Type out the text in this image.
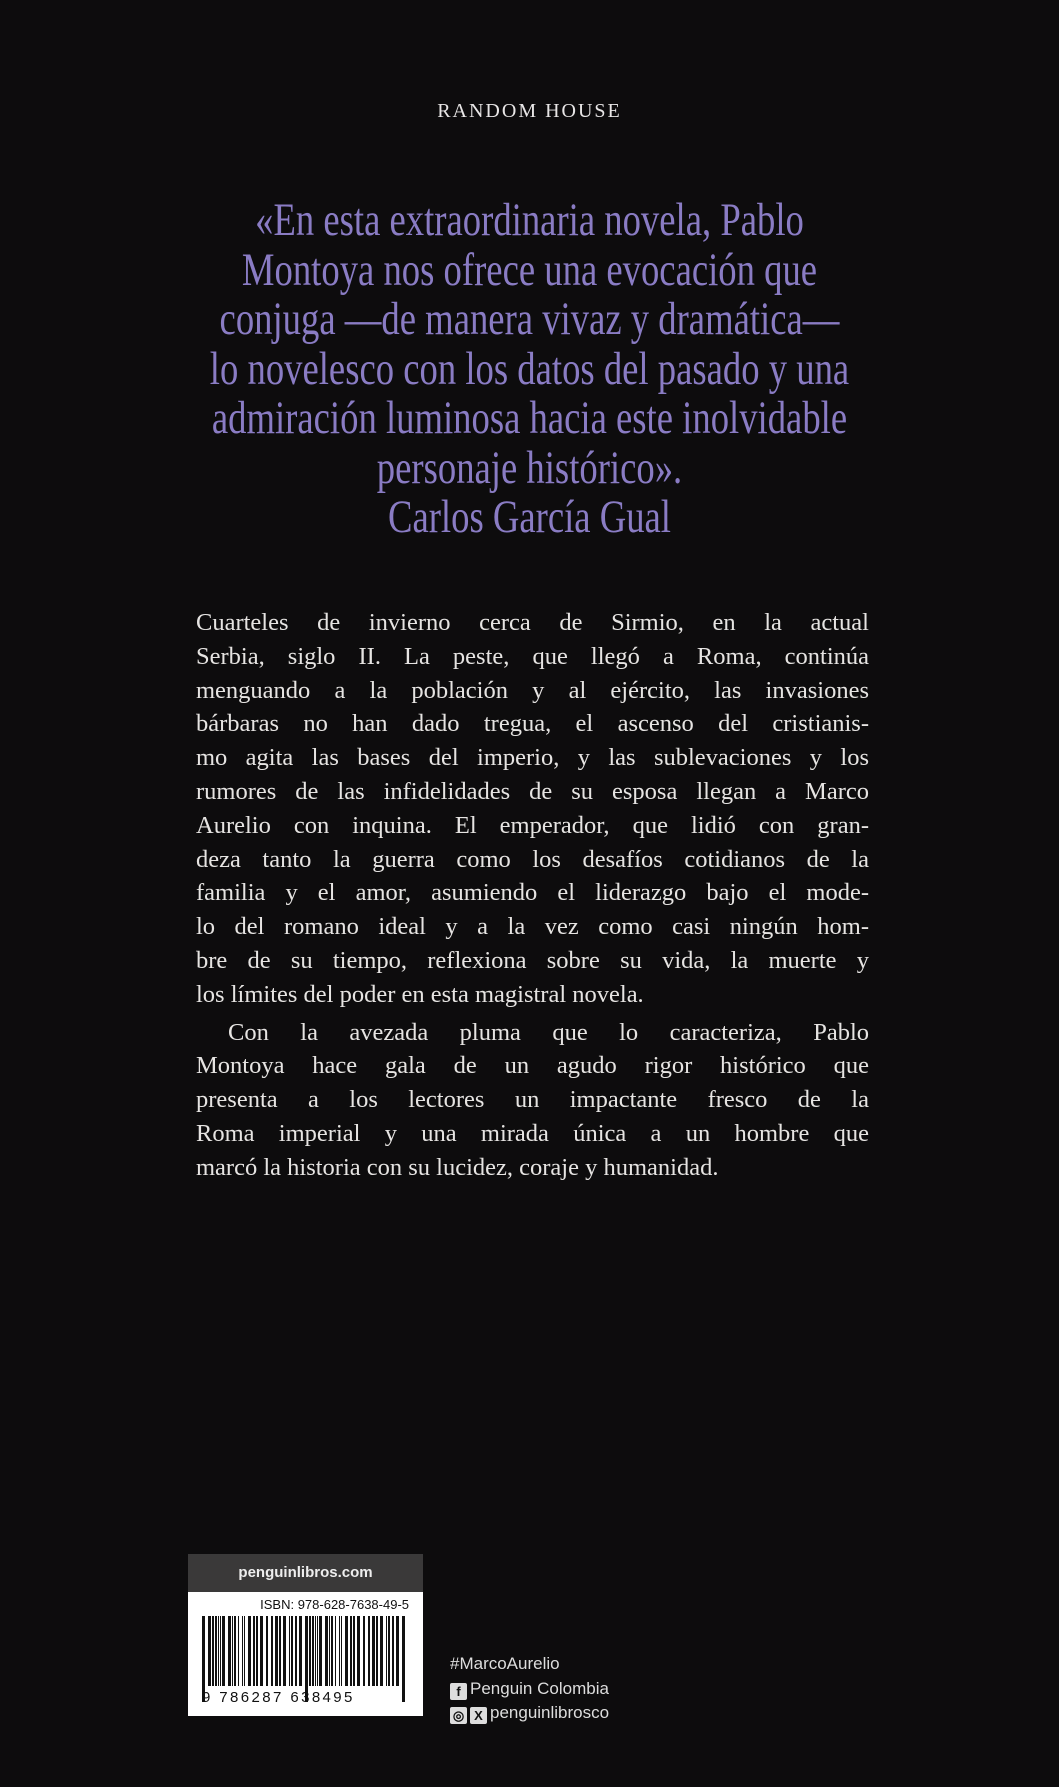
RANDOM HOUSE
«En esta extraordinaria novela, Pablo
Montoya nos ofrece una evocación que
conjuga —de manera vivaz y dramática—
lo novelesco con los datos del pasado y una
admiración luminosa hacia este inolvidable
personaje histórico».
Carlos García Gual
Cuarteles de invierno cerca de Sirmio, en la actual
Serbia, siglo II. La peste, que llegó a Roma, continúa
menguando a la población y al ejército, las invasiones
bárbaras no han dado tregua, el ascenso del cristianis-
mo agita las bases del imperio, y las sublevaciones y los
rumores de las infidelidades de su esposa llegan a Marco
Aurelio con inquina. El emperador, que lidió con gran-
deza tanto la guerra como los desafíos cotidianos de la
familia y el amor, asumiendo el liderazgo bajo el mode-
lo del romano ideal y a la vez como casi ningún hom-
bre de su tiempo, reflexiona sobre su vida, la muerte y
los límites del poder en esta magistral novela.
Con la avezada pluma que lo caracteriza, Pablo
Montoya hace gala de un agudo rigor histórico que
presenta a los lectores un impactante fresco de la
Roma imperial y una mirada única a un hombre que
marcó la historia con su lucidez, coraje y humanidad.
penguinlibros.com
ISBN: 978-628-7638-49-5
9 786287 638495
#MarcoAurelio
f Penguin Colombia
◎ X penguinlibrosco
